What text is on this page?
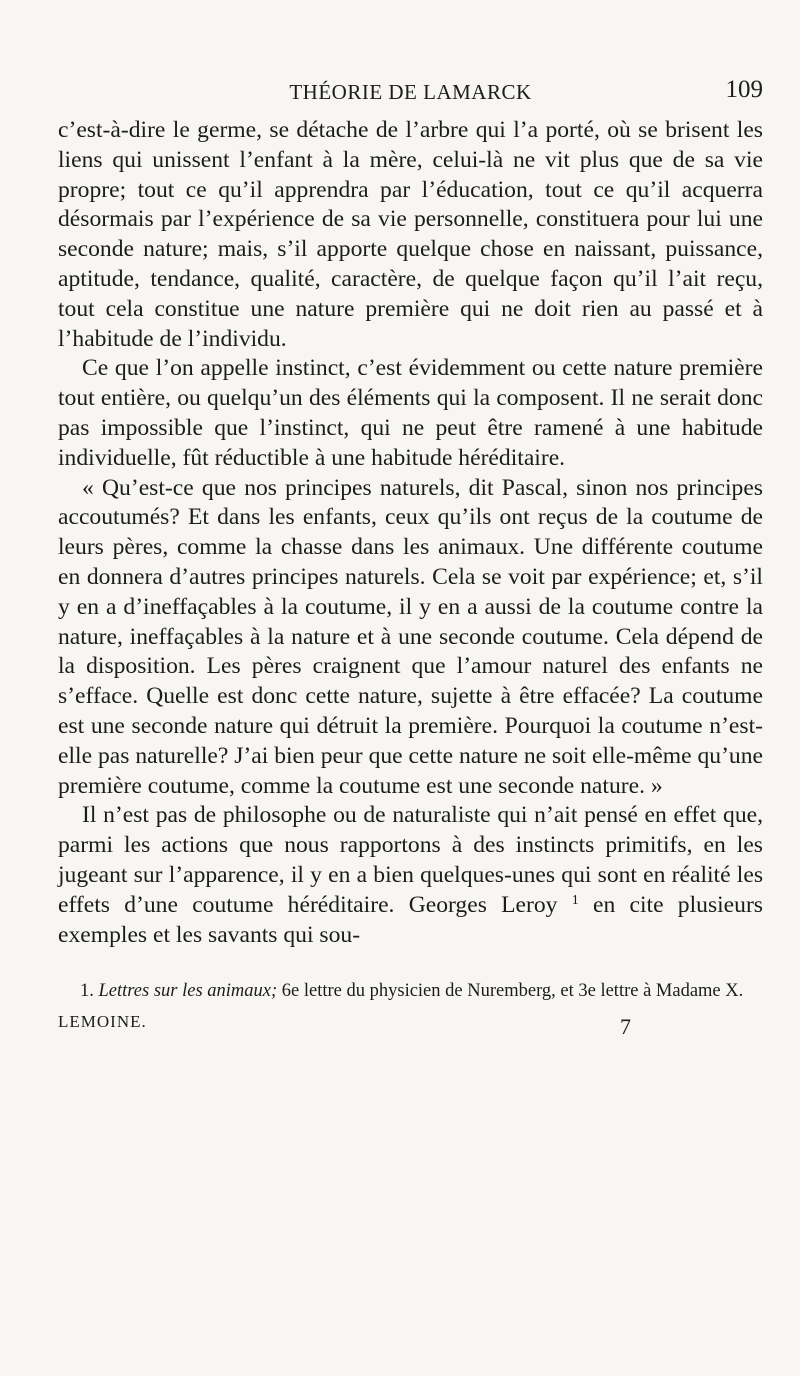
THÉORIE DE LAMARCK	109

c’est-à-dire le germe, se détache de l’arbre qui l’a porté, où se brisent les liens qui unissent l’enfant à la mère, celui-là ne vit plus que de sa vie propre; tout ce qu’il apprendra par l’éducation, tout ce qu’il acquerra désormais par l’expérience de sa vie personnelle, constituera pour lui une seconde nature; mais, s’il apporte quelque chose en naissant, puissance, aptitude, tendance, qualité, caractère, de quelque façon qu’il l’ait reçu, tout cela constitue une nature première qui ne doit rien au passé et à l’habitude de l’individu.

Ce que l’on appelle instinct, c’est évidemment ou cette nature première tout entière, ou quelqu’un des éléments qui la composent. Il ne serait donc pas impossible que l’instinct, qui ne peut être ramené à une habitude individuelle, fût réductible à une habitude héréditaire.

« Qu’est-ce que nos principes naturels, dit Pascal, sinon nos principes accoutumés? Et dans les enfants, ceux qu’ils ont reçus de la coutume de leurs pères, comme la chasse dans les animaux. Une différente coutume en donnera d’autres principes naturels. Cela se voit par expérience; et, s’il y en a d’ineffaçables à la coutume, il y en a aussi de la coutume contre la nature, ineffaçables à la nature et à une seconde coutume. Cela dépend de la disposition. Les pères craignent que l’amour naturel des enfants ne s’efface. Quelle est donc cette nature, sujette à être effacée? La coutume est une seconde nature qui détruit la première. Pourquoi la coutume n’est-elle pas naturelle? J’ai bien peur que cette nature ne soit elle-même qu’une première coutume, comme la coutume est une seconde nature. »

Il n’est pas de philosophe ou de naturaliste qui n’ait pensé en effet que, parmi les actions que nous rapportons à des instincts primitifs, en les jugeant sur l’apparence, il y en a bien quelques-unes qui sont en réalité les effets d’une coutume héréditaire. Georges Leroy $^1$ en cite plusieurs exemples et les savants qui sou-

1. Lettres sur les animaux; 6e lettre du physicien de Nuremberg, et 3e lettre à Madame X.
LEMOINE.	7
